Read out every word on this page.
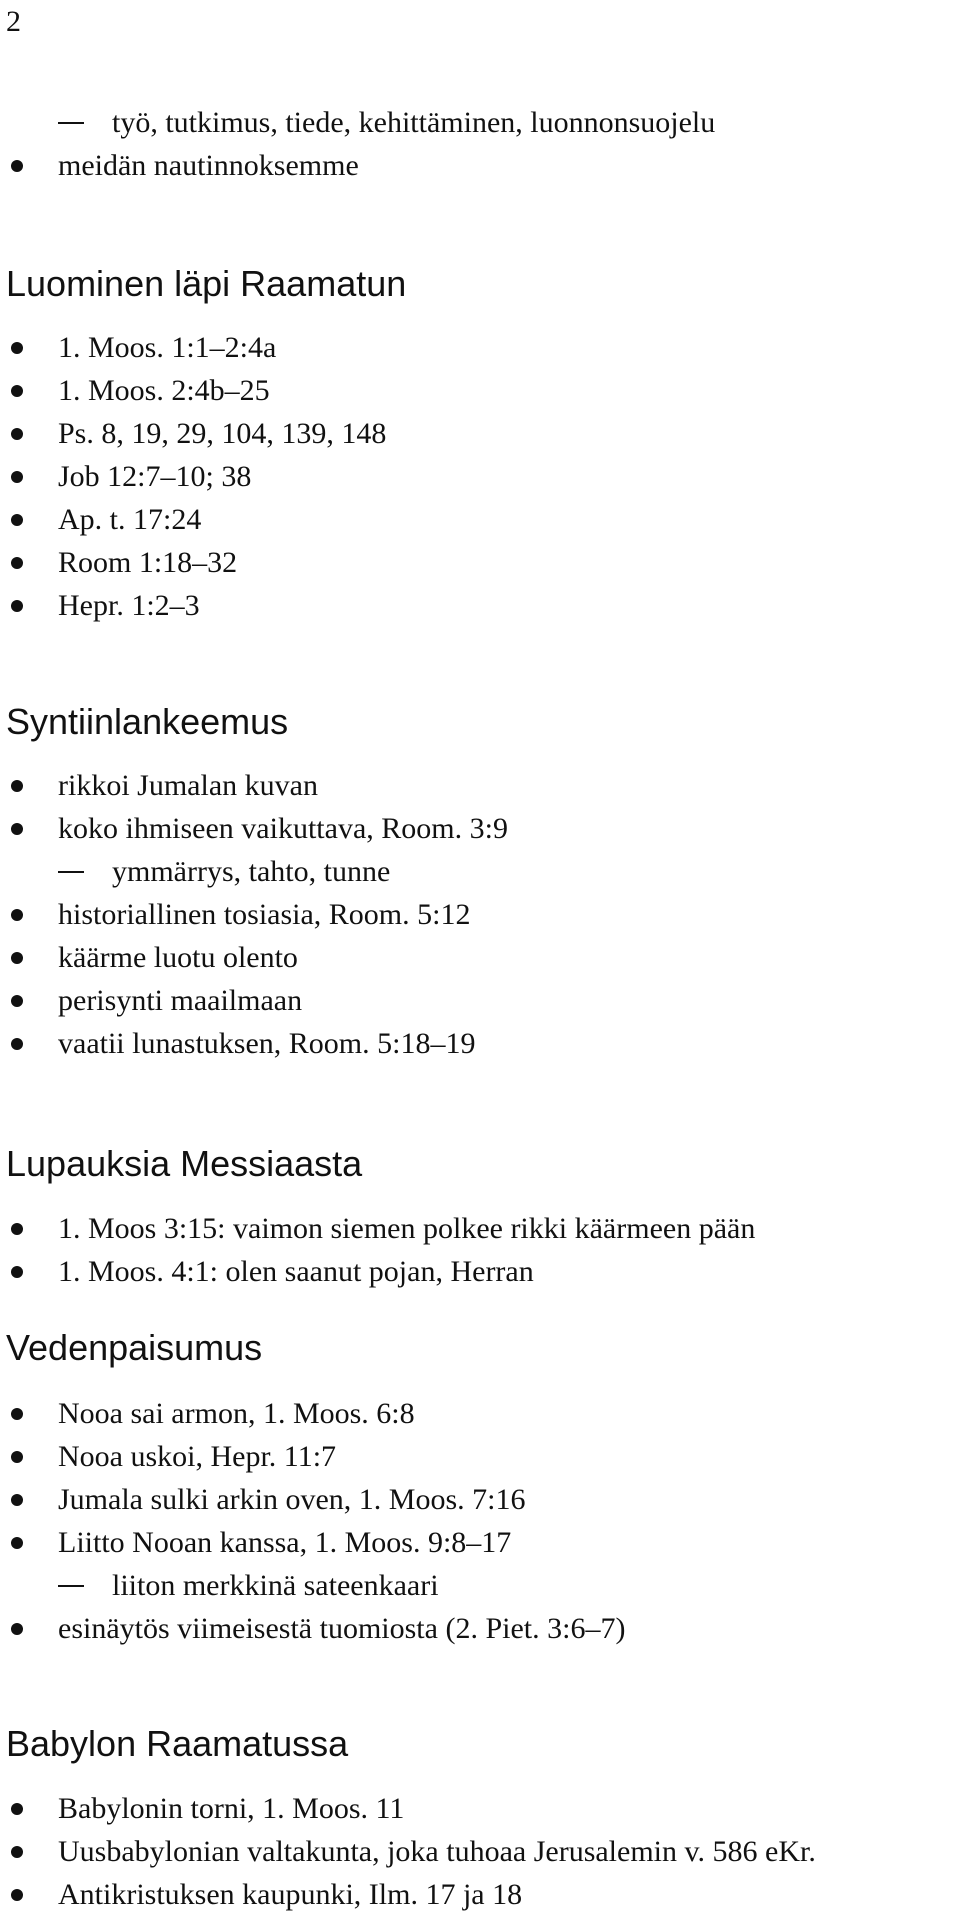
2
työ, tutkimus, tiede, kehittäminen, luonnonsuojelu
meidän nautinnoksemme
Luominen läpi Raamatun
1. Moos. 1:1–2:4a
1. Moos. 2:4b–25
Ps. 8, 19, 29, 104, 139, 148
Job 12:7–10; 38
Ap. t. 17:24
Room 1:18–32
Hepr. 1:2–3
Syntiinlankeemus
rikkoi Jumalan kuvan
koko ihmiseen vaikuttava, Room. 3:9
ymmärrys, tahto, tunne
historiallinen tosiasia, Room. 5:12
käärme luotu olento
perisynti maailmaan
vaatii lunastuksen, Room. 5:18–19
Lupauksia Messiaasta
1. Moos 3:15: vaimon siemen polkee rikki käärmeen pään
1. Moos. 4:1: olen saanut pojan, Herran
Vedenpaisumus
Nooa sai armon, 1. Moos. 6:8
Nooa uskoi, Hepr. 11:7
Jumala sulki arkin oven, 1. Moos. 7:16
Liitto Nooan kanssa, 1. Moos. 9:8–17
liiton merkkinä sateenkaari
esinäytös viimeisestä tuomiosta (2. Piet. 3:6–7)
Babylon Raamatussa
Babylonin torni, 1. Moos. 11
Uusbabylonian valtakunta, joka tuhoaa Jerusalemin v. 586 eKr.
Antikristuksen kaupunki, Ilm. 17 ja 18
